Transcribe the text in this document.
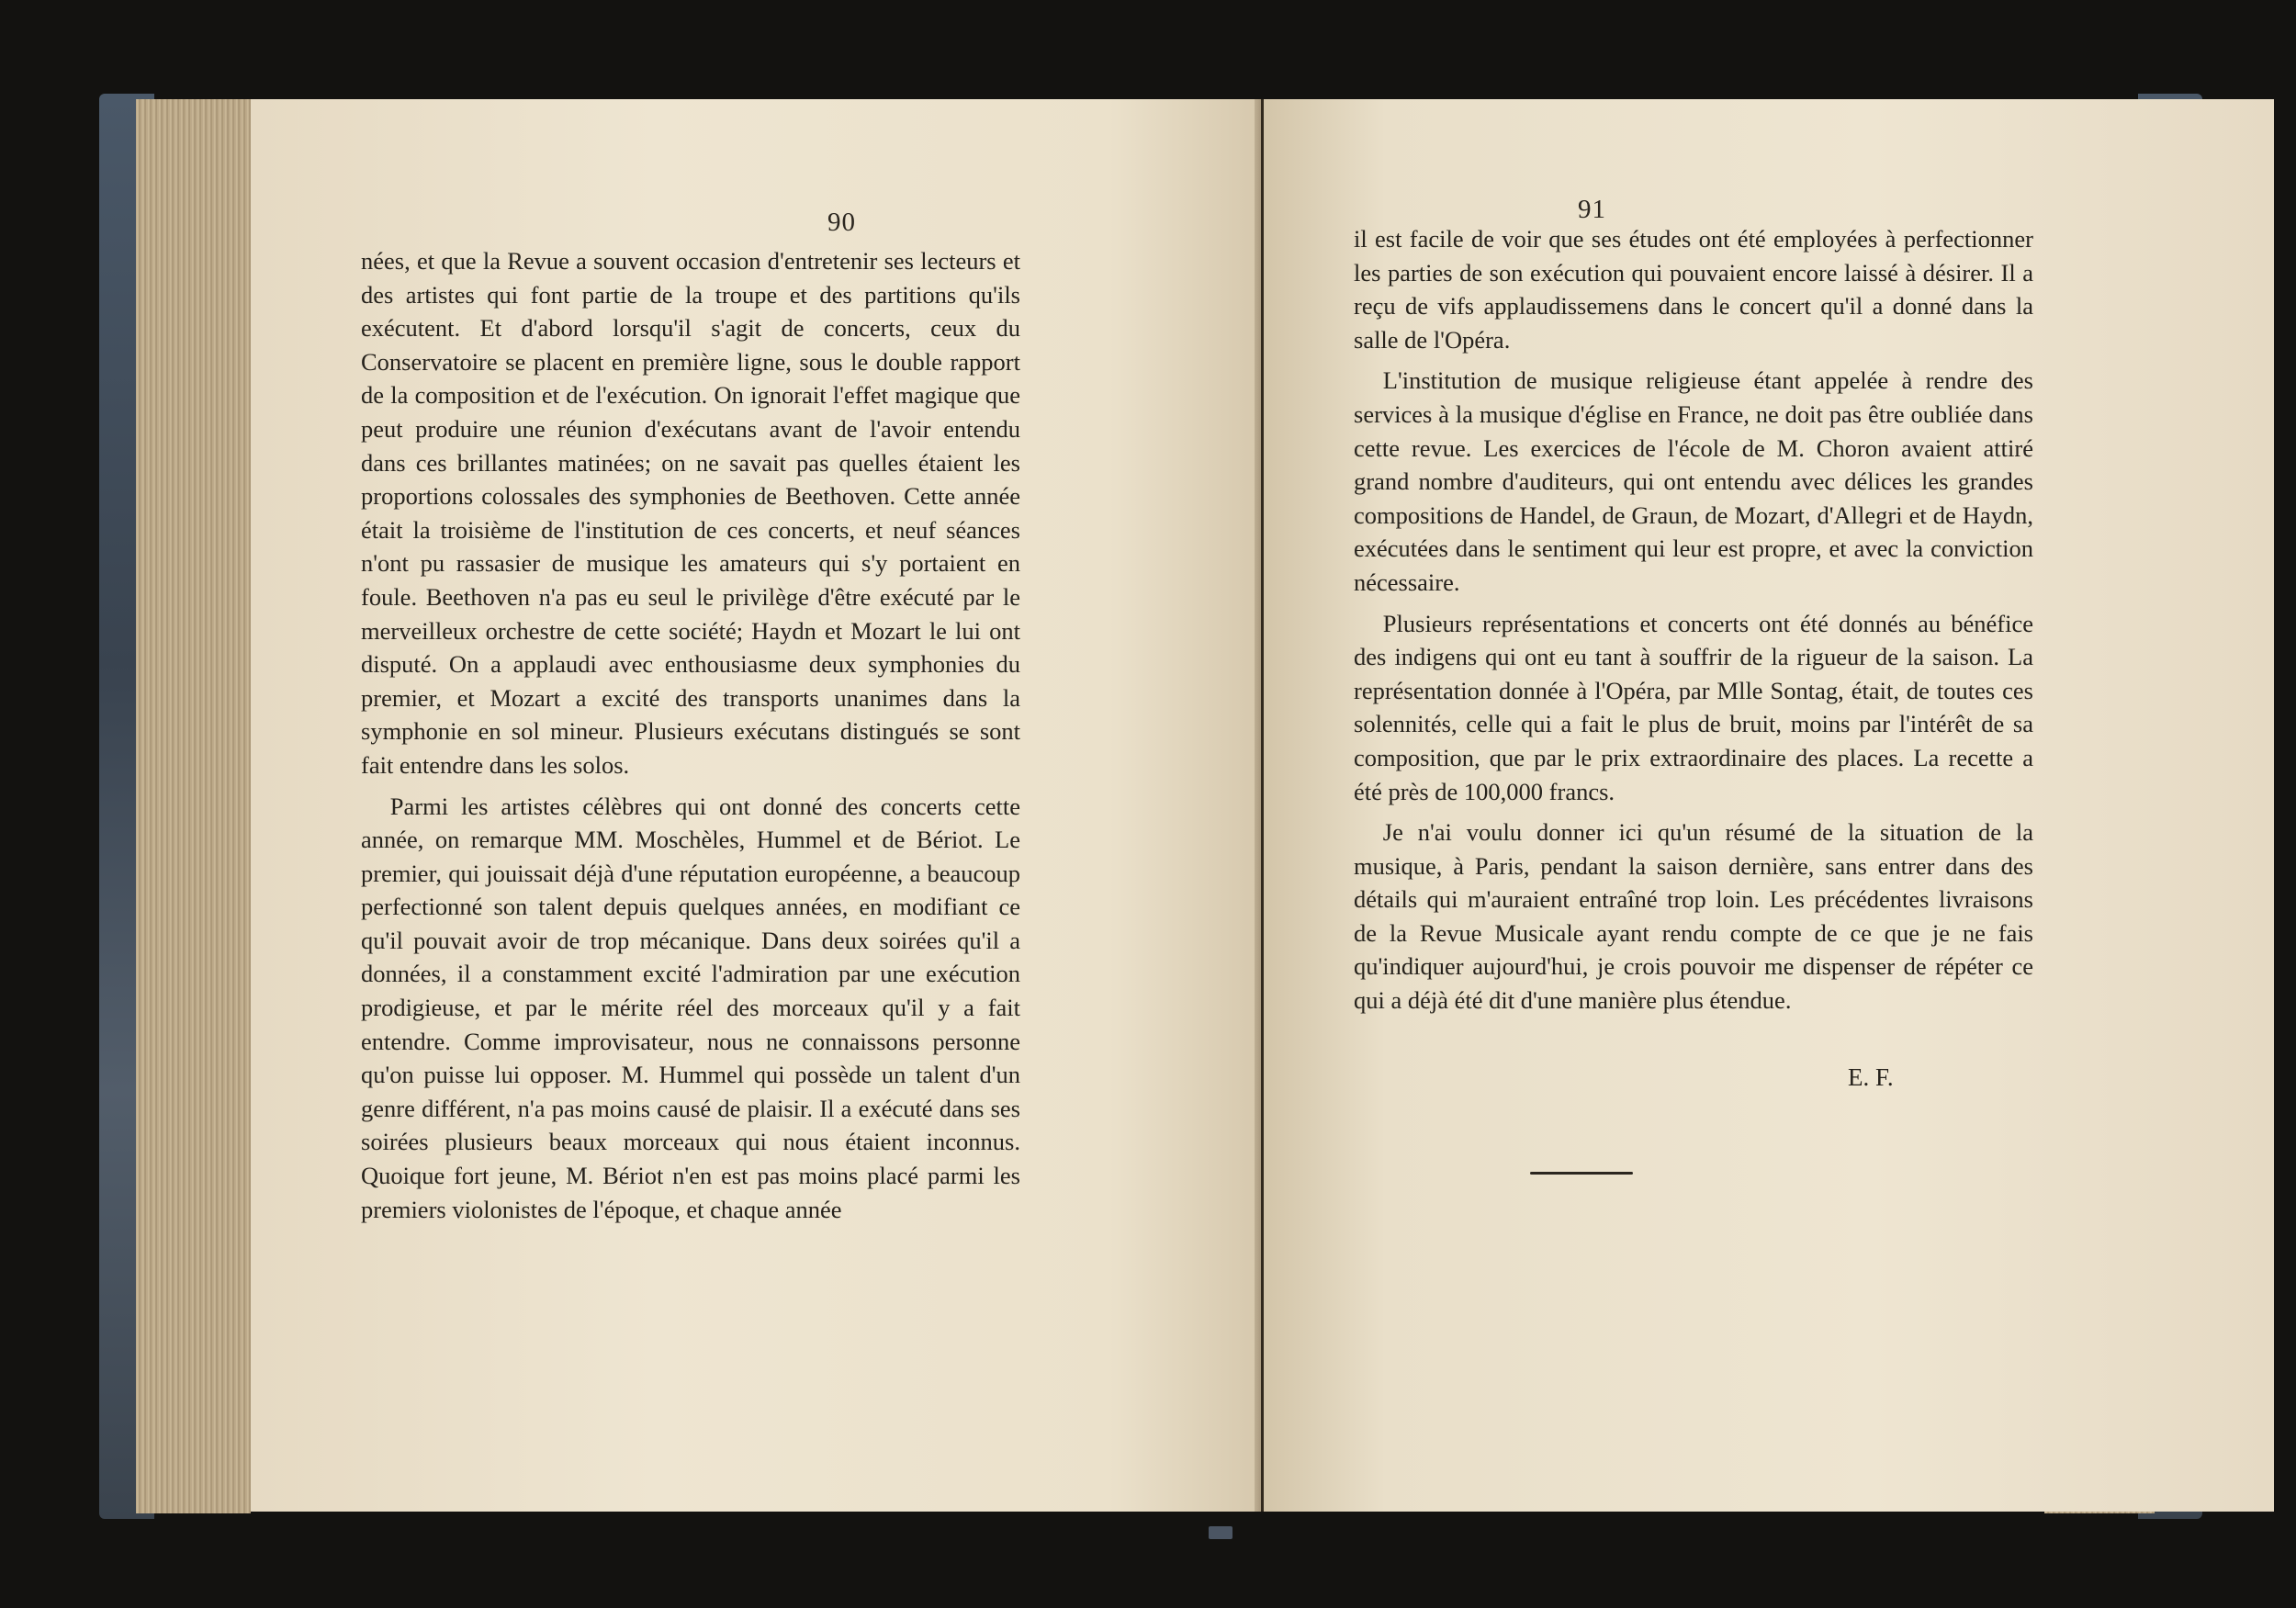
90

nées, et que la Revue a souvent occasion d'entretenir ses lecteurs et des artistes qui font partie de la troupe et des partitions qu'ils exécutent. Et d'abord lorsqu'il s'agit de concerts, ceux du Conservatoire se placent en première ligne, sous le double rapport de la composition et de l'exécution. On ignorait l'effet magique que peut produire une réunion d'exécutans avant de l'avoir entendu dans ces brillantes matinées; on ne savait pas quelles étaient les proportions colossales des symphonies de Beethoven. Cette année était la troisième de l'institution de ces concerts, et neuf séances n'ont pu rassasier de musique les amateurs qui s'y portaient en foule. Beethoven n'a pas eu seul le privilège d'être exécuté par le merveilleux orchestre de cette société; Haydn et Mozart le lui ont disputé. On a applaudi avec enthousiasme deux symphonies du premier, et Mozart a excité des transports unanimes dans la symphonie en sol mineur. Plusieurs exécutans distingués se sont fait entendre dans les solos.

Parmi les artistes célèbres qui ont donné des concerts cette année, on remarque MM. Moschèles, Hummel et de Bériot. Le premier, qui jouissait déjà d'une réputation européenne, a beaucoup perfectionné son talent depuis quelques années, en modifiant ce qu'il pouvait avoir de trop mécanique. Dans deux soirées qu'il a données, il a constamment excité l'admiration par une exécution prodigieuse, et par le mérite réel des morceaux qu'il y a fait entendre. Comme improvisateur, nous ne connaissons personne qu'on puisse lui opposer. M. Hummel qui possède un talent d'un genre différent, n'a pas moins causé de plaisir. Il a exécuté dans ses soirées plusieurs beaux morceaux qui nous étaient inconnus. Quoique fort jeune, M. Bériot n'en est pas moins placé parmi les premiers violonistes de l'époque, et chaque année

91

il est facile de voir que ses études ont été employées à perfectionner les parties de son exécution qui pouvaient encore laissé à désirer. Il a reçu de vifs applaudissemens dans le concert qu'il a donné dans la salle de l'Opéra.

L'institution de musique religieuse étant appelée à rendre des services à la musique d'église en France, ne doit pas être oubliée dans cette revue. Les exercices de l'école de M. Choron avaient attiré grand nombre d'auditeurs, qui ont entendu avec délices les grandes compositions de Handel, de Graun, de Mozart, d'Allegri et de Haydn, exécutées dans le sentiment qui leur est propre, et avec la conviction nécessaire.

Plusieurs représentations et concerts ont été donnés au bénéfice des indigens qui ont eu tant à souffrir de la rigueur de la saison. La représentation donnée à l'Opéra, par Mlle Sontag, était, de toutes ces solennités, celle qui a fait le plus de bruit, moins par l'intérêt de sa composition, que par le prix extraordinaire des places. La recette a été près de 100,000 francs.

Je n'ai voulu donner ici qu'un résumé de la situation de la musique, à Paris, pendant la saison dernière, sans entrer dans des détails qui m'auraient entraîné trop loin. Les précédentes livraisons de la Revue Musicale ayant rendu compte de ce que je ne fais qu'indiquer aujourd'hui, je crois pouvoir me dispenser de répéter ce qui a déjà été dit d'une manière plus étendue.

E. F.
